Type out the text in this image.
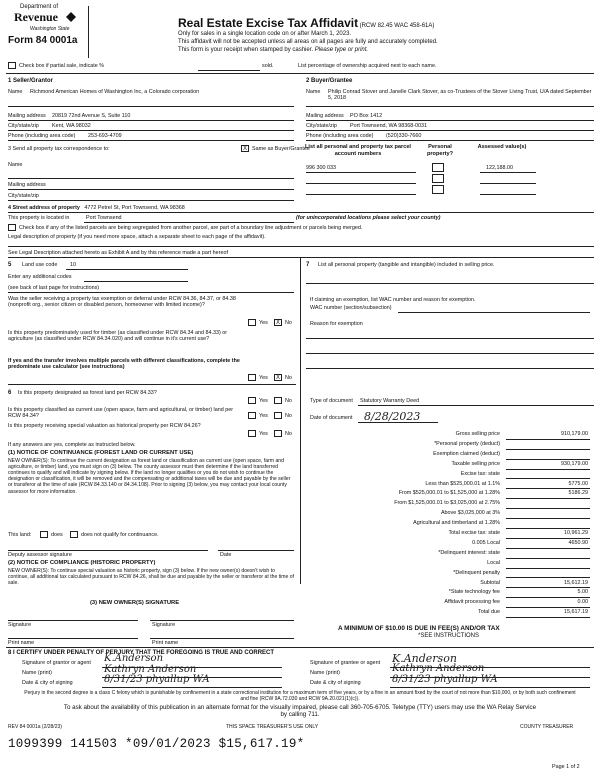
Department of
Revenue
Washington State
Form 84 0001a
Real Estate Excise Tax Affidavit (RCW 82.45 WAC 458-61A)
Only for sales in a single location code on or after March 1, 2023.
This affidavit will not be accepted unless all areas on all pages are fully and accurately completed.
This form is your receipt when stamped by cashier. Please type or print.
Check box if partial sale, indicate %	sold.	List percentage of ownership acquired next to each name.
1 Seller/Grantor
Name Richmond American Homes of Washington Inc, a Colorado corporation
Mailing address 20819 72nd Avenue S, Suite 110
City/state/zip Kent, WA 98032
Phone (including area code) 253-693-4709
2 Buyer/Grantee
Name Philip Conrad Stover and Janelle Clark Stover, as co-Trustees of the Stover Living Trust, U/A dated September 5, 2018
Mailing address PO Box 1412
City/state/zip Port Townsend, WA 98368-0031
Phone (including area code) (520)330-7660
3 Send all property tax correspondence to:	X Same as Buyer/Grantee
Name
Mailing address
City/state/zip
List all personal and property tax parcel account numbers
Personal property?
Assessed value(s)
996 300 033	122,188.00
4 Street address of property 4772 Petrel St, Port Townsend, WA 98368
This property is located in	Port Townsend	(for unincorporated locations please select your county)
Check box if any of the listed parcels are being segregated from another parcel, are part of a boundary line adjustment or parcels being merged.
Legal description of property (if you need more space, attach a separate sheet to each page of the affidavit).
See Legal Description attached hereto as Exhibit A and by this reference made a part hereof
5 Land use code 10
Enter any additional codes
(see back of last page for instructions)
Was the seller receiving a property tax exemption or deferral under RCW 84.36, 84.37, or 84.38 (nonprofit org., senior citizen or disabled person, homeowner with limited income)?
Yes	X No
Is this property predominately used for timber (as classified under RCW 84.34 and 84.33) or agriculture (as classified under RCW 84.34.020) and will continue in it's current use?
If yes and the transfer involves multiple parcels with different classifications, complete the predominate use calculator (see instructions)
Yes	X No
7 List all personal property (tangible and intangible) included in selling price.
If claiming an exemption, list WAC number and reason for exemption.
WAC number (section/subsection)
Reason for exemption
Type of document Statutory Warranty Deed
Date of document 8/28/2023
6 Is this property designated as forest land per RCW 84.33?
Yes	No
Is this property classified as current use (open space, farm and agricultural, or timber) land per RCW 84.34?	Yes	No
Is this property receiving special valuation as historical property per RCW 84.26?
Yes	No
If any answers are yes, complete as instructed below.
(1) NOTICE OF CONTINUANCE (FOREST LAND OR CURRENT USE)
NEW OWNER(S): To continue the current designation as forest land or classification as current use (open space, farm and agriculture, or timber) land, you must sign on (3) below. The county assessor must then determine if the land transferred continues to qualify and will indicate by signing below. If the land no longer qualifies or you do not wish to continue the designation or classification, it will be removed and the compensating or additional taxes will be due and payable by the seller or transferor at the time of sale (RCW 84.33.140 or 84.34.108). Prior to signing (3) below, you may contact your local county assessor for more information.
This land:	does	does not qualify for continuance.
Deputy assessor signature	Date
(2) NOTICE OF COMPLIANCE (HISTORIC PROPERTY)
NEW OWNER(S): To continue special valuation as historic property, sign (3) below. If the new owner(s) doesn't wish to continue, all additional tax calculated pursuant to RCW 84.26, shall be due and payable by the seller or transferor at the time of sale.
(3) NEW OWNER(S) SIGNATURE
Signature	Signature
Print name	Print name
Gross selling price	910,179.00
*Personal property (deduct)
Exemption claimed (deduct)
Taxable selling price	930,179.00
Excise tax: state
Less than $525,000.01 at 1.1%	5775.00
From $525,000.01 to $1,525,000 at 1.28%	5186.29
From $1,525,000.01 to $3,025,000 at 2.75%
Above $3,025,000 at 3%
Agricultural and timberland at 1.28%
Total excise tax: state	10,961.29
0.005 Local	4650.90
*Delinquent interest: state
Local
*Delinquent penalty
Subtotal	15,612.19
*State technology fee	5.00
Affidavit processing fee	0.00
Total due	15,617.19
A MINIMUM OF $10.00 IS DUE IN FEE(S) AND/OR TAX
*SEE INSTRUCTIONS
8 I CERTIFY UNDER PENALTY OF PERJURY THAT THE FOREGOING IS TRUE AND CORRECT
Signature of grantor or agent K.Anderson
Name (print)	Kathryn Anderson
Date & city of signing	8/31/23 phyallup WA
Signature of grantee or agent K.Anderson
Name (print)	Kathryn Anderson
Date & city of signing	8/31/23 phyallup WA
Perjury in the second degree is a class C felony which is punishable by confinement in a state correctional institution for a maximum term of five years, or by a fine in an amount fixed by the court of not more than $10,000, or by both such confinement and fine (RCW 9A.72.030 and RCW 9A.20.021(1)(c)).
To ask about the availability of this publication in an alternate format for the visually impaired, please call 360-705-6705. Teletype (TTY) users may use the WA Relay Service by calling 711.
REV 84 0001a (2/28/23)	THIS SPACE TREASURER'S USE ONLY	COUNTY TREASURER
1099399 141503 *09/01/2023 $15,617.19*
Page 1 of 2
